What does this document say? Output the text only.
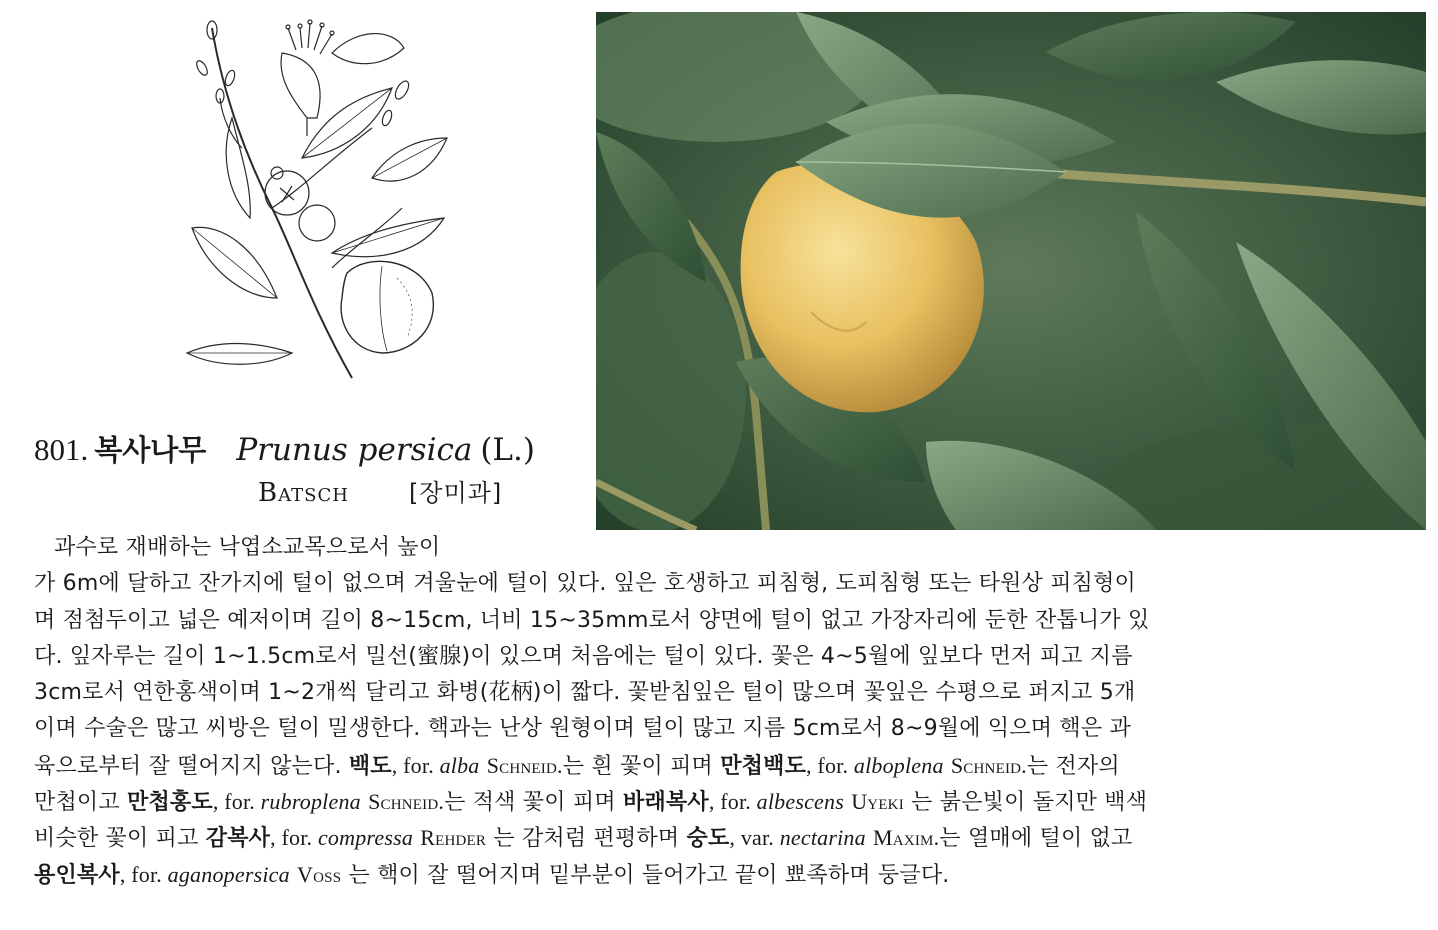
801. 복사나무 Prunus persica (L.)
Batsch	[장미과]
과수로 재배하는 낙엽소교목으로서 높이
가 6m에 달하고 잔가지에 털이 없으며 겨울눈에 털이 있다. 잎은 호생하고 피침형, 도피침형 또는 타원상 피침형이
며 점첨두이고 넓은 예저이며 길이 8~15cm, 너비 15~35mm로서 양면에 털이 없고 가장자리에 둔한 잔톱니가 있
다. 잎자루는 길이 1~1.5cm로서 밀선(蜜腺)이 있으며 처음에는 털이 있다. 꽃은 4~5월에 잎보다 먼저 피고 지름
3cm로서 연한홍색이며 1~2개씩 달리고 화병(花柄)이 짧다. 꽃받침잎은 털이 많으며 꽃잎은 수평으로 퍼지고 5개
이며 수술은 많고 씨방은 털이 밀생한다. 핵과는 난상 원형이며 털이 많고 지름 5cm로서 8~9월에 익으며 핵은 과
육으로부터 잘 떨어지지 않는다. 백도, for. alba Schneid.는 흰 꽃이 피며 만첩백도, for. alboplena Schneid.는 전자의
만첩이고 만첩홍도, for. rubroplena Schneid.는 적색 꽃이 피며 바래복사, for. albescens Uyeki 는 붉은빛이 돌지만 백색
비슷한 꽃이 피고 감복사, for. compressa Rehder 는 감처럼 편평하며 숭도, var. nectarina Maxim.는 열매에 털이 없고
용인복사, for. aganopersica Voss 는 핵이 잘 떨어지며 밑부분이 들어가고 끝이 뾰족하며 둥글다.
